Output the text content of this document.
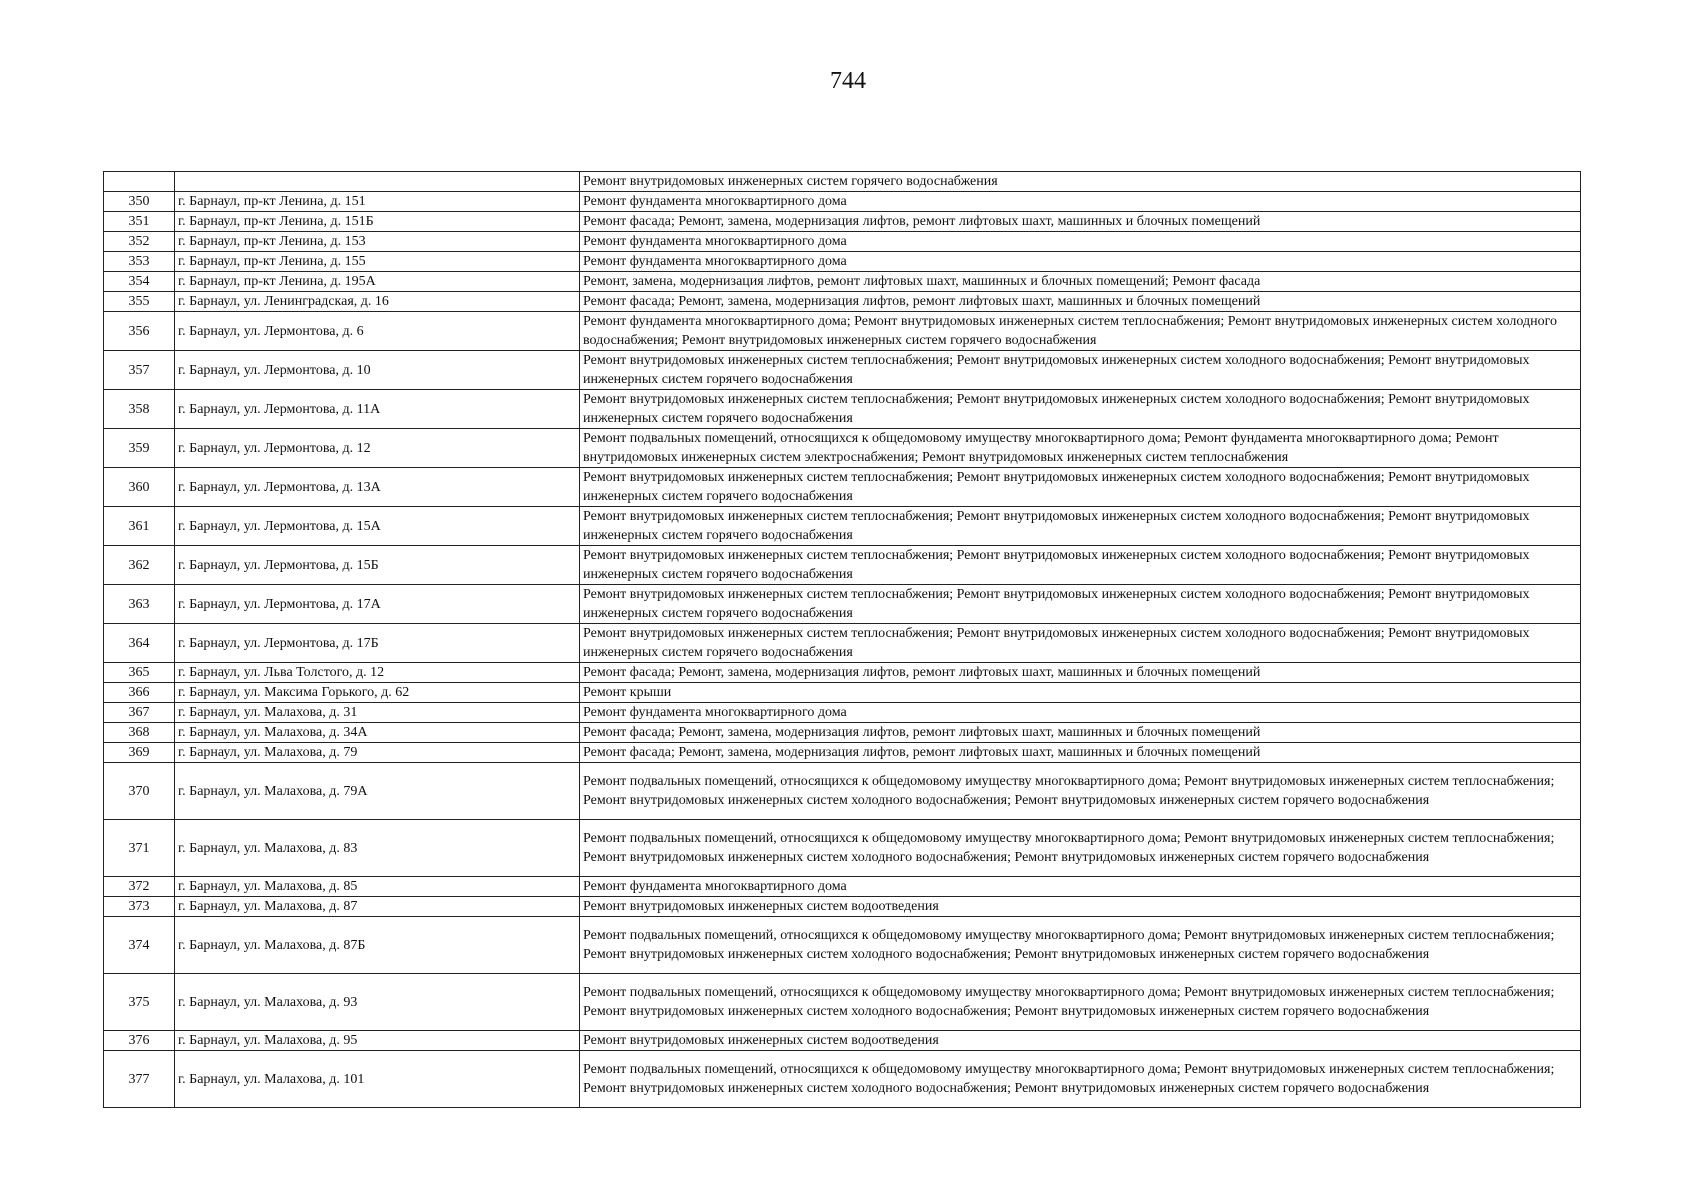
744
		Ремонт внутридомовых инженерных систем горячего водоснабжения
350	г. Барнаул, пр-кт Ленина, д. 151	Ремонт фундамента многоквартирного дома
351	г. Барнаул, пр-кт Ленина, д. 151Б	Ремонт фасада; Ремонт, замена, модернизация лифтов, ремонт лифтовых шахт, машинных и блочных помещений
352	г. Барнаул, пр-кт Ленина, д. 153	Ремонт фундамента многоквартирного дома
353	г. Барнаул, пр-кт Ленина, д. 155	Ремонт фундамента многоквартирного дома
354	г. Барнаул, пр-кт Ленина, д. 195А	Ремонт, замена, модернизация лифтов, ремонт лифтовых шахт, машинных и блочных помещений; Ремонт фасада
355	г. Барнаул, ул. Ленинградская, д. 16	Ремонт фасада; Ремонт, замена, модернизация лифтов, ремонт лифтовых шахт, машинных и блочных помещений
356	г. Барнаул, ул. Лермонтова, д. 6	Ремонт фундамента многоквартирного дома; Ремонт внутридомовых инженерных систем теплоснабжения; Ремонт внутридомовых инженерных систем холодного водоснабжения; Ремонт внутридомовых инженерных систем горячего водоснабжения
357	г. Барнаул, ул. Лермонтова, д. 10	Ремонт внутридомовых инженерных систем теплоснабжения; Ремонт внутридомовых инженерных систем холодного водоснабжения; Ремонт внутридомовых инженерных систем горячего водоснабжения
358	г. Барнаул, ул. Лермонтова, д. 11А	Ремонт внутридомовых инженерных систем теплоснабжения; Ремонт внутридомовых инженерных систем холодного водоснабжения; Ремонт внутридомовых инженерных систем горячего водоснабжения
359	г. Барнаул, ул. Лермонтова, д. 12	Ремонт подвальных помещений, относящихся к общедомовому имуществу многоквартирного дома; Ремонт фундамента многоквартирного дома; Ремонт внутридомовых инженерных систем электроснабжения; Ремонт внутридомовых инженерных систем теплоснабжения
360	г. Барнаул, ул. Лермонтова, д. 13А	Ремонт внутридомовых инженерных систем теплоснабжения; Ремонт внутридомовых инженерных систем холодного водоснабжения; Ремонт внутридомовых инженерных систем горячего водоснабжения
361	г. Барнаул, ул. Лермонтова, д. 15А	Ремонт внутридомовых инженерных систем теплоснабжения; Ремонт внутридомовых инженерных систем холодного водоснабжения; Ремонт внутридомовых инженерных систем горячего водоснабжения
362	г. Барнаул, ул. Лермонтова, д. 15Б	Ремонт внутридомовых инженерных систем теплоснабжения; Ремонт внутридомовых инженерных систем холодного водоснабжения; Ремонт внутридомовых инженерных систем горячего водоснабжения
363	г. Барнаул, ул. Лермонтова, д. 17А	Ремонт внутридомовых инженерных систем теплоснабжения; Ремонт внутридомовых инженерных систем холодного водоснабжения; Ремонт внутридомовых инженерных систем горячего водоснабжения
364	г. Барнаул, ул. Лермонтова, д. 17Б	Ремонт внутридомовых инженерных систем теплоснабжения; Ремонт внутридомовых инженерных систем холодного водоснабжения; Ремонт внутридомовых инженерных систем горячего водоснабжения
365	г. Барнаул, ул. Льва Толстого, д. 12	Ремонт фасада; Ремонт, замена, модернизация лифтов, ремонт лифтовых шахт, машинных и блочных помещений
366	г. Барнаул, ул. Максима Горького, д. 62	Ремонт крыши
367	г. Барнаул, ул. Малахова, д. 31	Ремонт фундамента многоквартирного дома
368	г. Барнаул, ул. Малахова, д. 34А	Ремонт фасада; Ремонт, замена, модернизация лифтов, ремонт лифтовых шахт, машинных и блочных помещений
369	г. Барнаул, ул. Малахова, д. 79	Ремонт фасада; Ремонт, замена, модернизация лифтов, ремонт лифтовых шахт, машинных и блочных помещений
370	г. Барнаул, ул. Малахова, д. 79А	Ремонт подвальных помещений, относящихся к общедомовому имуществу многоквартирного дома; Ремонт внутридомовых инженерных систем теплоснабжения; Ремонт внутридомовых инженерных систем холодного водоснабжения; Ремонт внутридомовых инженерных систем горячего водоснабжения
371	г. Барнаул, ул. Малахова, д. 83	Ремонт подвальных помещений, относящихся к общедомовому имуществу многоквартирного дома; Ремонт внутридомовых инженерных систем теплоснабжения; Ремонт внутридомовых инженерных систем холодного водоснабжения; Ремонт внутридомовых инженерных систем горячего водоснабжения
372	г. Барнаул, ул. Малахова, д. 85	Ремонт фундамента многоквартирного дома
373	г. Барнаул, ул. Малахова, д. 87	Ремонт внутридомовых инженерных систем водоотведения
374	г. Барнаул, ул. Малахова, д. 87Б	Ремонт подвальных помещений, относящихся к общедомовому имуществу многоквартирного дома; Ремонт внутридомовых инженерных систем теплоснабжения; Ремонт внутридомовых инженерных систем холодного водоснабжения; Ремонт внутридомовых инженерных систем горячего водоснабжения
375	г. Барнаул, ул. Малахова, д. 93	Ремонт подвальных помещений, относящихся к общедомовому имуществу многоквартирного дома; Ремонт внутридомовых инженерных систем теплоснабжения; Ремонт внутридомовых инженерных систем холодного водоснабжения; Ремонт внутридомовых инженерных систем горячего водоснабжения
376	г. Барнаул, ул. Малахова, д. 95	Ремонт внутридомовых инженерных систем водоотведения
377	г. Барнаул, ул. Малахова, д. 101	Ремонт подвальных помещений, относящихся к общедомовому имуществу многоквартирного дома; Ремонт внутридомовых инженерных систем теплоснабжения; Ремонт внутридомовых инженерных систем холодного водоснабжения; Ремонт внутридомовых инженерных систем горячего водоснабжения
